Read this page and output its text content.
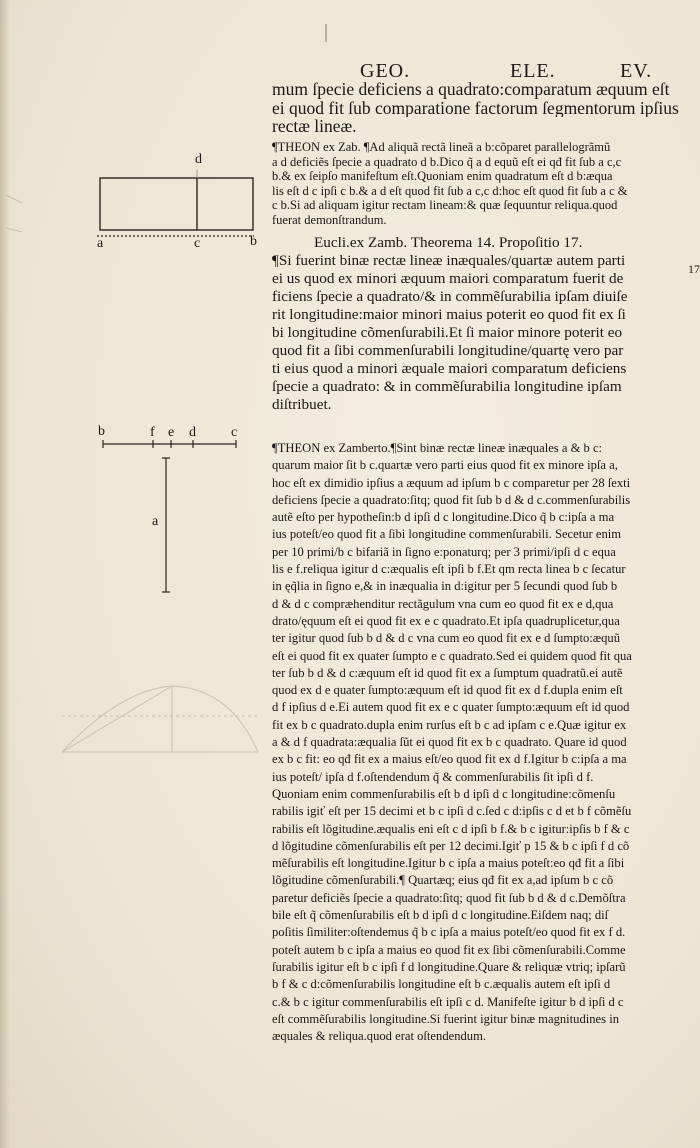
GEO.	ELE.	EV.
mum ſpecie deficiens a quadrato:comparatum æquum eſt
ei quod fit ſub comparatione factorum ſegmentorum ipſius
rectæ lineæ.
¶THEON ex Zab. ¶Ad aliquã rectã lineã a b:cõparet parallelogrãmũ
a d deficiẽs ſpecie a quadrato d b.Dico q̃ a d equũ eſt ei qđ fit ſub a c,c
b.& ex ſeipſo manifeſtum eſt.Quoniam enim quadratum eſt d b:æqua
lis eſt d c ipſi c b.& a d eſt quod fit ſub a c,c d:hoc eſt quod fit ſub a c &
c b.Si ad aliquam igitur rectam lineam:& quæ ſequuntur reliqua.quod
fuerat demonſtrandum.
Eucli.ex Zamb. Theorema 14. Propoſitio 17.
¶Si fuerint binæ rectæ lineæ inæquales/quartæ autem parti
ei us quod ex minori æquum maiori comparatum fuerit de
ficiens ſpecie a quadrato/& in commẽſurabilia ipſam diuiſe
rit longitudine:maior minori maius poterit eo quod fit ex ſi
bi longitudine cõmenſurabili.Et ſi maior minore poterit eo
quod fit a ſibi commenſurabili longitudine/quartę vero par
ti eius quod a minori æquale maiori comparatum deficiens
ſpecie a quadrato: & in commẽſurabilia longitudine ipſam
diſtribuet.
17
¶THEON ex Zamberto.¶Sint binæ rectæ lineæ inæquales a & b c:
quarum maior ſit b c.quartæ vero parti eius quod fit ex minore ipſa a,
hoc eſt ex dimidio ipſius a æquum ad ipſum b c comparetur per 28 ſexti
deficiens ſpecie a quadrato:ſitq; quod fit ſub b d & d c.commenſurabilis
autẽ eſto per hypotheſin:b d ipſi d c longitudine.Dico q̃ b c:ipſa a ma
ius poteſt/eo quod fit a ſibi longitudine commenſurabili. Secetur enim
per 10 primi/b c bifariã in ſigno e:ponaturq; per 3 primi/ipſi d c equa
lis e f.reliqua igitur d c:æqualis eſt ipſi b f.Et qm recta linea b c ſecatur
in ęq̃lia in ſigno e,& in inæqualia in d:igitur per 5 ſecundi quod ſub b
d & d c compræhenditur rectãgulum vna cum eo quod fit ex e d,qua
drato/ęquum eſt ei quod fit ex e c quadrato.Et ipſa quadruplicetur,qua
ter igitur quod ſub b d & d c vna cum eo quod fit ex e d ſumpto:æquũ
eſt ei quod fit ex quater ſumpto e c quadrato.Sed ei quidem quod fit qua
ter ſub b d & d c:æquum eſt id quod fit ex a ſumptum quadratũ.ei autẽ
quod ex d e quater ſumpto:æquum eſt id quod fit ex d f.dupla enim eſt
d f ipſius d e.Ei autem quod fit ex e c quater ſumpto:æquum eſt id quod
fit ex b c quadrato.dupla enim rurſus eſt b c ad ipſam c e.Quæ igitur ex
a & d f quadrata:æqualia ſũt ei quod fit ex b c quadrato. Quare id quod
ex b c fit: eo qđ fit ex a maius eſt/eo quod fit ex d f.Igitur b c:ipſa a ma
ius poteſt/ ipſa d f.oſtendendum q̃ & commenſurabilis ſit ipſi d f.
Quoniam enim commenſurabilis eſt b d ipſi d c longitudine:cõmenſu
rabilis igiť eſt per 15 decimi et b c ipſi d c.ſed c d:ipſis c d et b f cõmẽſu
rabilis eſt lõgitudine.æqualis eni eſt c d ipſi b f.& b c igitur:ipſis b f & c
d lõgitudine cõmenſurabilis eſt per 12 decimi.Igiť p 15 & b c ipſi f d cõ
mẽſurabilis eſt longitudine.Igitur b c ipſa a maius poteſt:eo qđ fit a ſibi
lõgitudine cõmenſurabili.¶ Quartæq; eius qđ fit ex a,ad ipſum b c cõ
paretur deficiẽs ſpecie a quadrato:ſitq; quod fit ſub b d & d c.Demõſtra
bile eſt q̃ cõmenſurabilis eſt b d ipſi d c longitudine.Eiſdem naq; diſ
poſitis ſimiliter:oſtendemus q̃ b c ipſa a maius poteſt/eo quod fit ex f d.
poteſt autem b c ipſa a maius eo quod fit ex ſibi cõmenſurabili.Comme
ſurabilis igitur eſt b c ipſi f d longitudine.Quare & reliquæ vtriq; ipſarũ
b f & c d:cõmenſurabilis longitudine eſt b c.æqualis autem eſt ipſi d
c.& b c igitur commenſurabilis eſt ipſi c d. Manifeſte igitur b d ipſi d c
eſt commẽſurabilis longitudine.Si fuerint igitur binæ magnitudines in
æquales & reliqua.quod erat oſtendendum.
d
a	c	b
b	f e d	c
a
